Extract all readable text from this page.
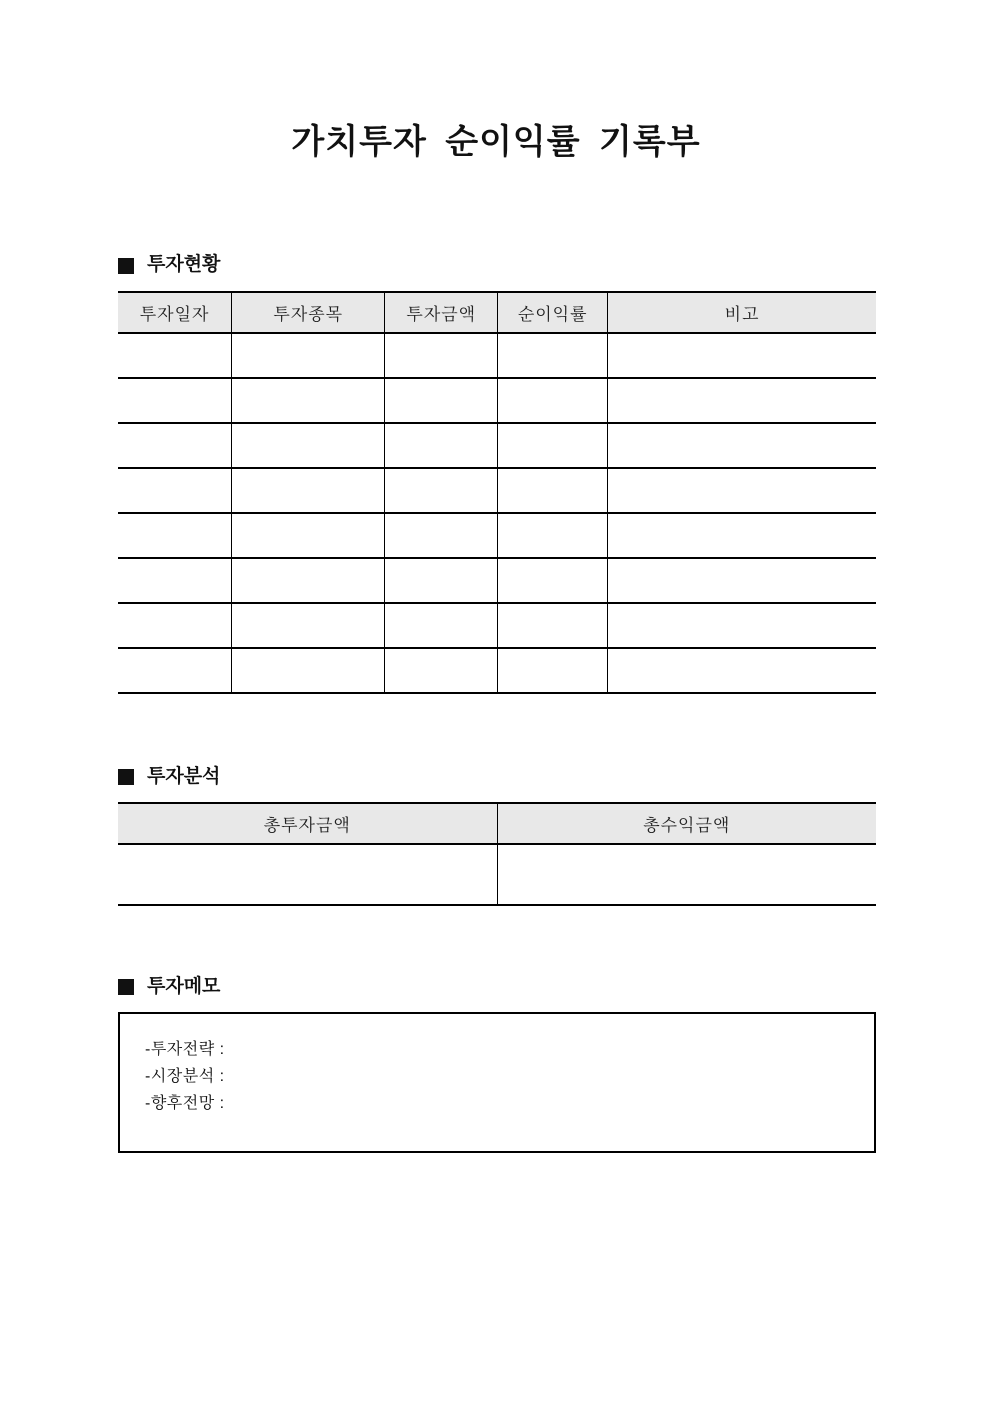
가치투자 순이익률 기록부
투자현황
투자일자	투자종목	투자금액	순이익률	비고

투자분석
총투자금액	총수익금액

투자메모
-투자전략 :
-시장분석 :
-향후전망 :
